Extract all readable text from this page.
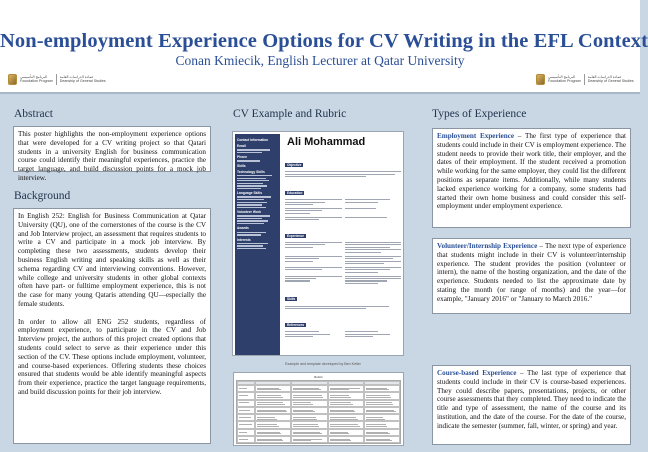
البرنامج التأسيسي
Foundation Program
عمادة الدراسات العامة
Deanship of General Studies
Non-employment Experience Options for CV Writing in the EFL Context
Conan Kmiecik, English Lecturer at Qatar University
البرنامج التأسيسي
Foundation Program
عمادة الدراسات العامة
Deanship of General Studies
Abstract

This poster highlights the non-employment experience options that were developed for a CV writing project so that Qatari students in a university English for business communication course could identify their meaningful experiences, practice the target language, and build discussion points for a mock job interview.

Background

In English 252: English for Business Communication at Qatar University (QU), one of the cornerstones of the course is the CV and Job Interview project, an assessment that requires students to write a CV and participate in a mock job interview. By completing these two assessments, students develop their business English writing and speaking skills as well as their schema regarding CV and interviewing conventions. However, while college and university students in other global contexts often have part- or fulltime employment experience, this is not the case for many young Qataris attending QU—especially the female students.

In order to allow all ENG 252 students, regardless of employment experience, to participate in the CV and Job Interview project, the authors of this project created options that students could select to serve as their experience under this section of the CV. These options include employment, volunteer, and course-based experiences. Offering students these choices ensured that students would be able identify meaningful aspects from their experience, practice the target language requirements, and build discussion points for their job interview.

CV Example and Rubric
Contact Information
Email
Phone
Skills
Technology Skills
Language Skills
Volunteer Work
Awards
Interests
Ali Mohammad
Objective
Education
Experience
Skills
References
Example and template developed by Ben Keller
Rubric
Types of Experience

Employment Experience – The first type of experience that students could include in their CV is employment experience. The student needs to provide their work title, their employer, and the dates of their employment. If the student received a promotion while working for the same employer, they could list the different positions as separate items. Additionally, while many students lacked experience working for a company, some students had started their own home business and could consider this self-employment under employment experience.

Volunteer/Internship Experience – The next type of experience that students might include in their CV is volunteer/internship experience. The student provides the position (volunteer or intern), the name of the hosting organization, and the date of the experience. Students needed to list the approximate date by stating the month (or range of months) and the year—for example, "January 2016" or "January to March 2016."

Course-based Experience – The last type of experience that students could include in their CV is course-based experiences. They could describe papers, presentations, projects, or other course assessments that they completed. They need to indicate the title and type of assessment, the name of the course and its institution, and the date of the course. For the date of the course, indicate the semester (summer, fall, winter, or spring) and year.
